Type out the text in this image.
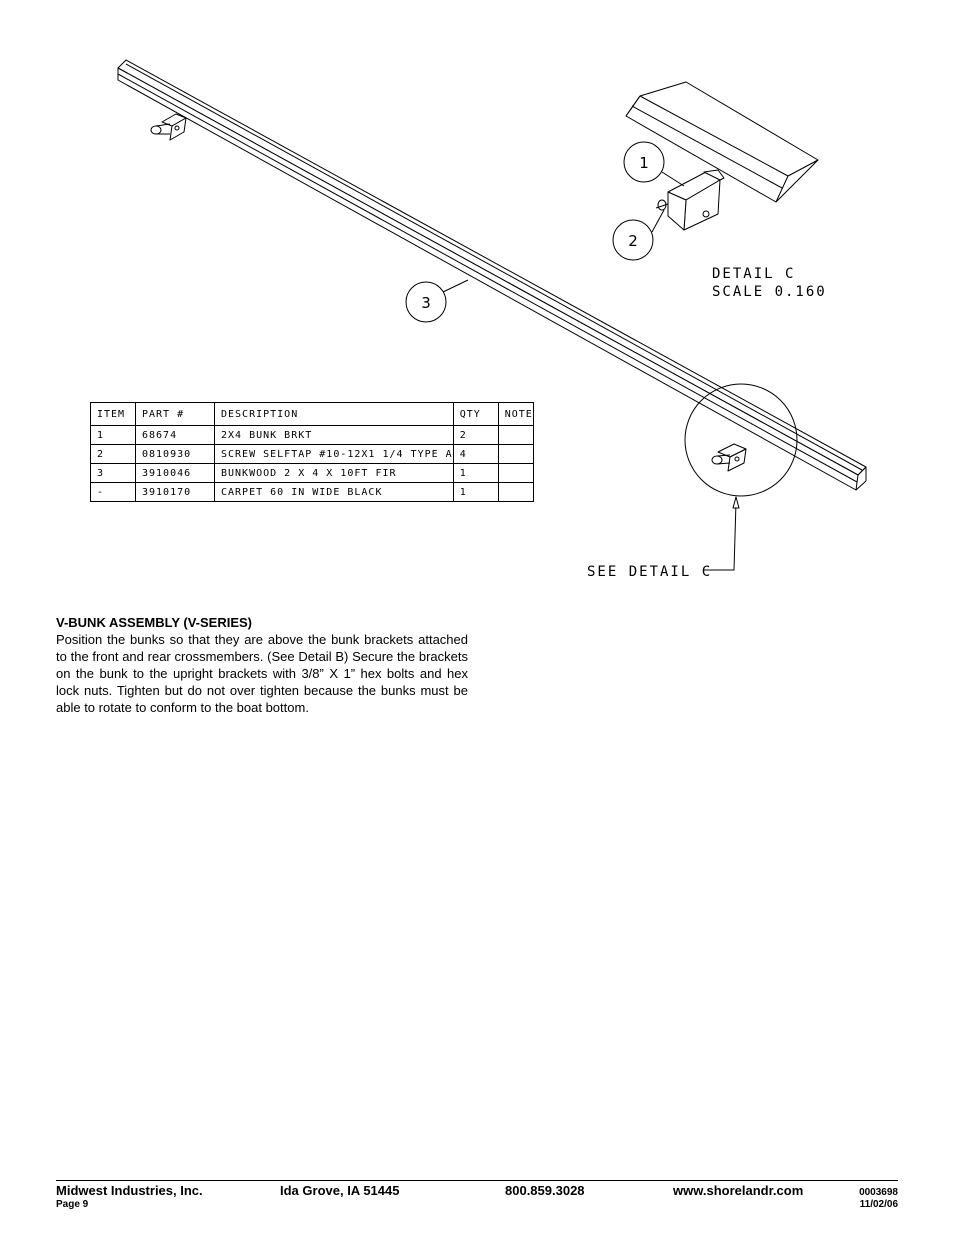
1
2
3
DETAIL C
SCALE 0.160
SEE DETAIL C
ITEM	PART #	DESCRIPTION	QTY	NOTE
1	68674	2X4 BUNK BRKT	2	
2	0810930	SCREW SELFTAP #10-12X1 1/4 TYPE A	4	
3	3910046	BUNKWOOD 2 X 4 X 10FT FIR	1	
-	3910170	CARPET 60 IN WIDE BLACK	1	
V-BUNK ASSEMBLY (V-SERIES)

Position the bunks so that they are above the bunk brackets attached to the front and rear crossmembers. (See Detail B) Secure the brackets on the bunk to the upright brackets with 3/8” X 1” hex bolts and hex lock nuts. Tighten but do not over tighten because the bunks must be able to rotate to conform to the boat bottom.

Midwest Industries, Inc.
Page 9
Ida Grove, IA 51445	800.859.3028	www.shorelandr.com	0003698
11/02/06
